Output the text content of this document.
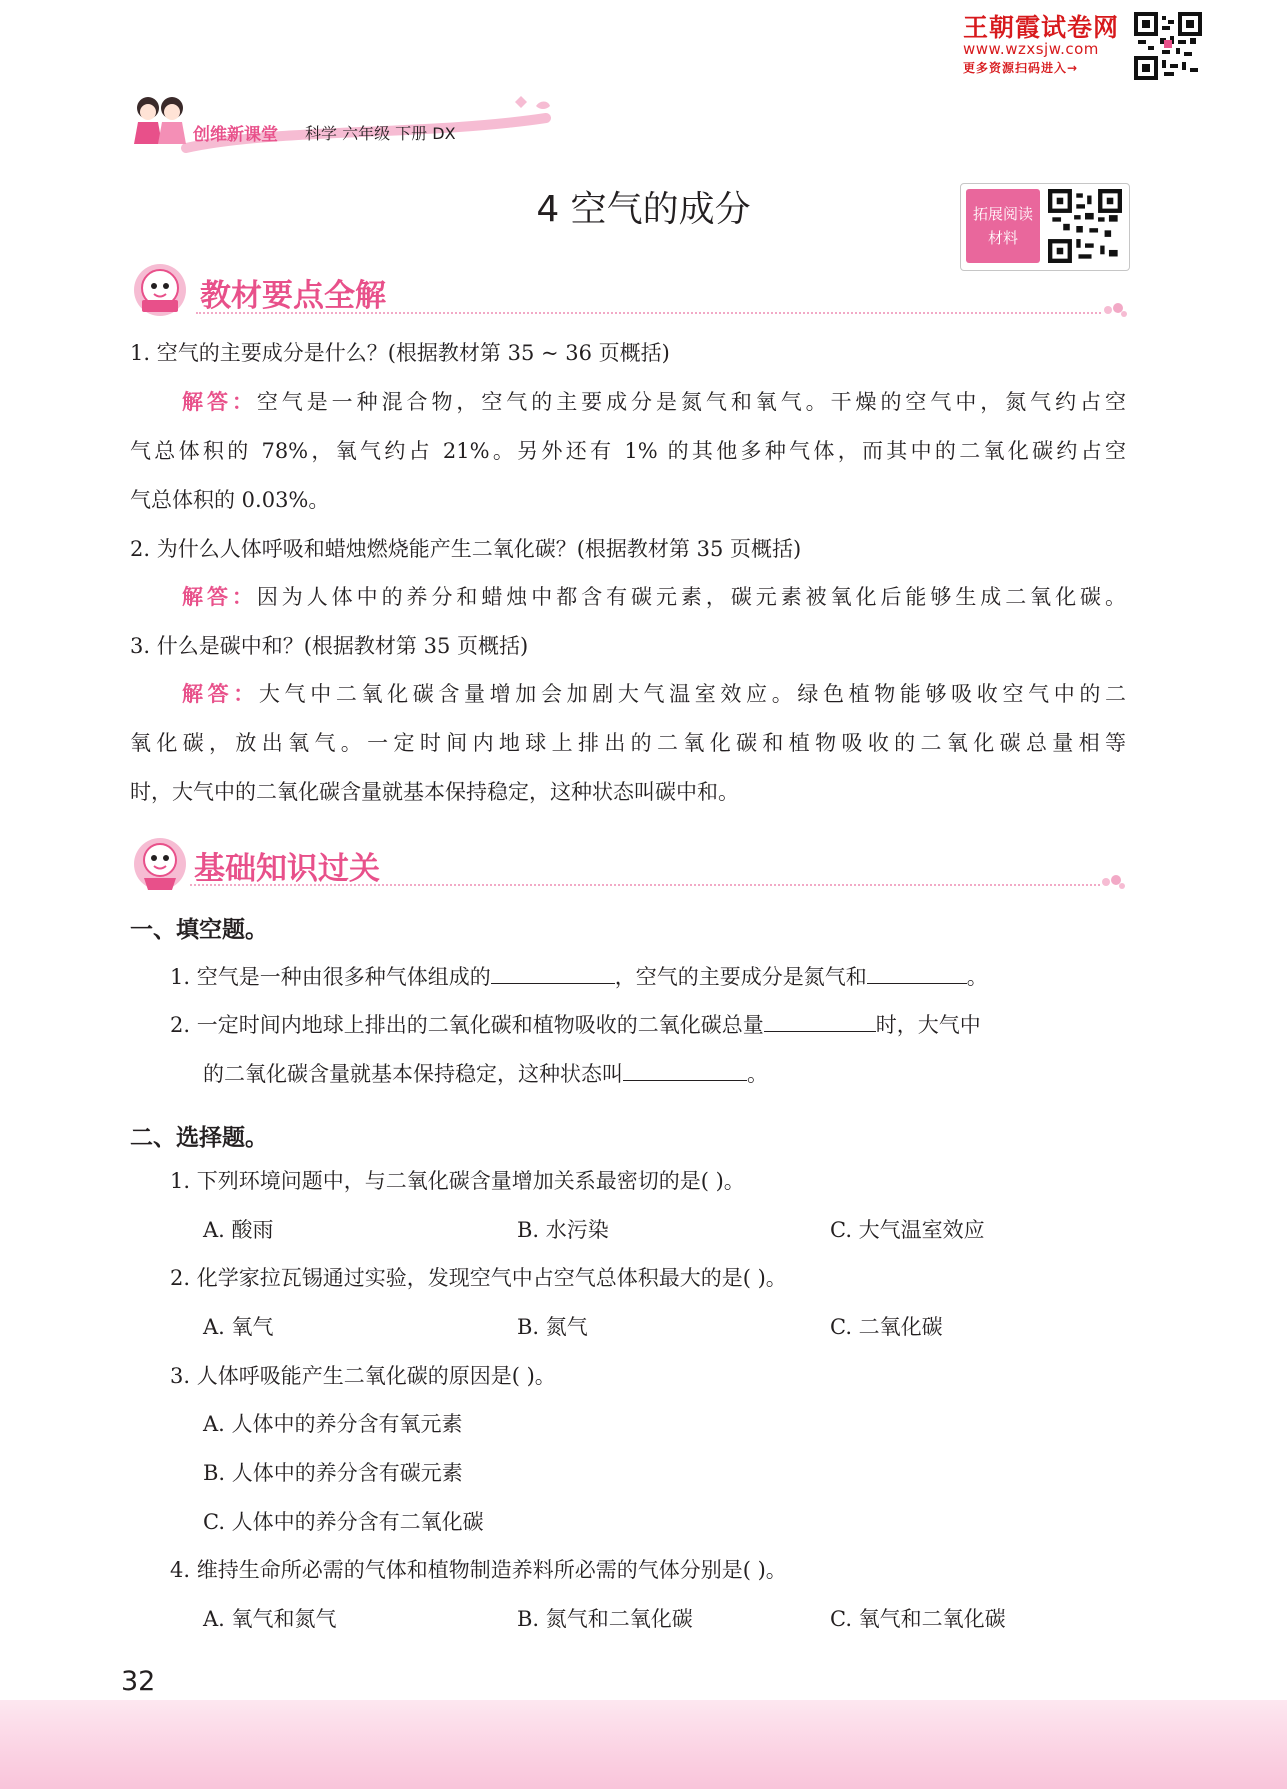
王朝霞试卷网
www.wzxsjw.com
更多资源扫码进入→
创维新课堂 科学 六年级 下册 DX
4 空气的成分	拓展阅读
材料
教材要点全解
1. 空气的主要成分是什么？(根据教材第 35 ~ 36 页概括)
解答：空气是一种混合物，空气的主要成分是氮气和氧气。干燥的空气中，氮气约占空
气总体积的 78%，氧气约占 21%。另外还有 1% 的其他多种气体，而其中的二氧化碳约占空
气总体积的 0.03%。
2. 为什么人体呼吸和蜡烛燃烧能产生二氧化碳？(根据教材第 35 页概括)
解答：因为人体中的养分和蜡烛中都含有碳元素，碳元素被氧化后能够生成二氧化碳。
3. 什么是碳中和？(根据教材第 35 页概括)
解答：大气中二氧化碳含量增加会加剧大气温室效应。绿色植物能够吸收空气中的二
氧化碳，放出氧气。一定时间内地球上排出的二氧化碳和植物吸收的二氧化碳总量相等
时，大气中的二氧化碳含量就基本保持稳定，这种状态叫碳中和。
基础知识过关
一、填空题。
1. 空气是一种由很多种气体组成的	，空气的主要成分是氮气和	。
2. 一定时间内地球上排出的二氧化碳和植物吸收的二氧化碳总量	时，大气中
的二氧化碳含量就基本保持稳定，这种状态叫	。
二、选择题。
1. 下列环境问题中，与二氧化碳含量增加关系最密切的是( )。
A. 酸雨	B. 水污染	C. 大气温室效应
2. 化学家拉瓦锡通过实验，发现空气中占空气总体积最大的是( )。
A. 氧气	B. 氮气	C. 二氧化碳
3. 人体呼吸能产生二氧化碳的原因是( )。
A. 人体中的养分含有氧元素
B. 人体中的养分含有碳元素
C. 人体中的养分含有二氧化碳
4. 维持生命所必需的气体和植物制造养料所必需的气体分别是( )。
A. 氧气和氮气	B. 氮气和二氧化碳	C. 氧气和二氧化碳
32
